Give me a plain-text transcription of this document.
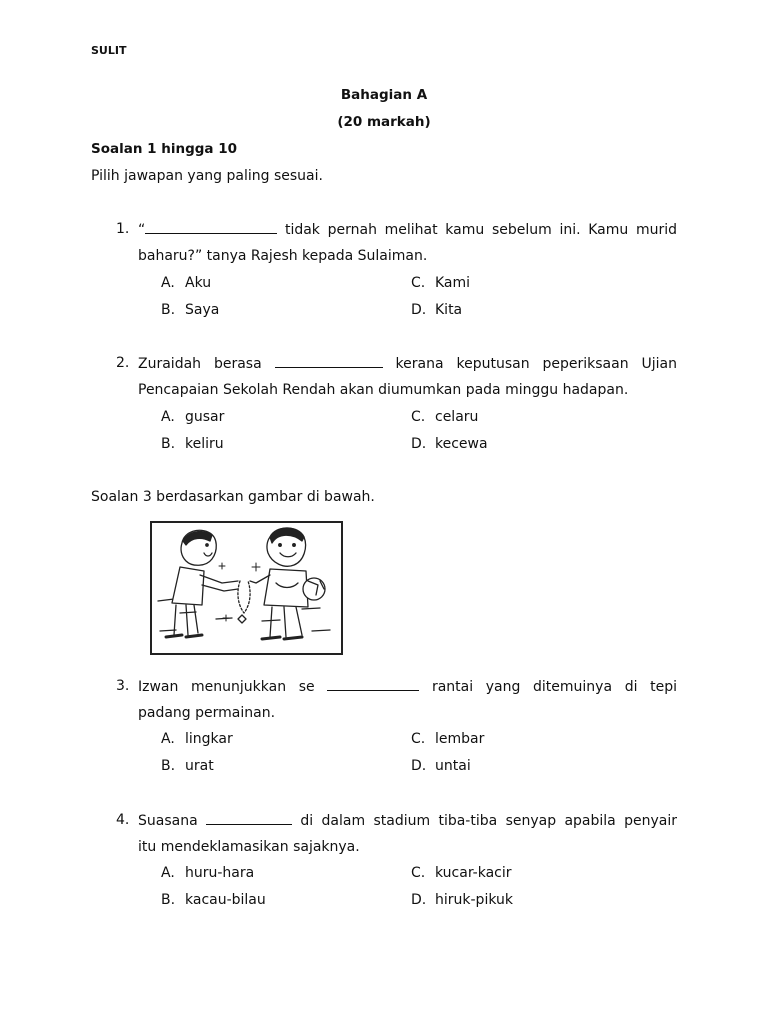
SULIT
Bahagian A
(20 markah)
Soalan 1 hingga 10
Pilih jawapan yang paling sesuai.
1. “	tidak pernah melihat kamu sebelum ini. Kamu murid
baharu?” tanya Rajesh kepada Sulaiman.
A. Aku
B. Saya
C. Kami
D. Kita
2. Zuraidah berasa	kerana keputusan peperiksaan Ujian
Pencapaian Sekolah Rendah akan diumumkan pada minggu hadapan.
A. gusar
B. keliru
C. celaru
D. kecewa
Soalan 3 berdasarkan gambar di bawah.
3. Izwan menunjukkan se	rantai yang ditemuinya di tepi
padang permainan.
A. lingkar
B. urat
C. lembar
D. untai
4. Suasana	di dalam stadium tiba-tiba senyap apabila penyair
itu mendeklamasikan sajaknya.
A. huru-hara
B. kacau-bilau
C. kucar-kacir
D. hiruk-pikuk
